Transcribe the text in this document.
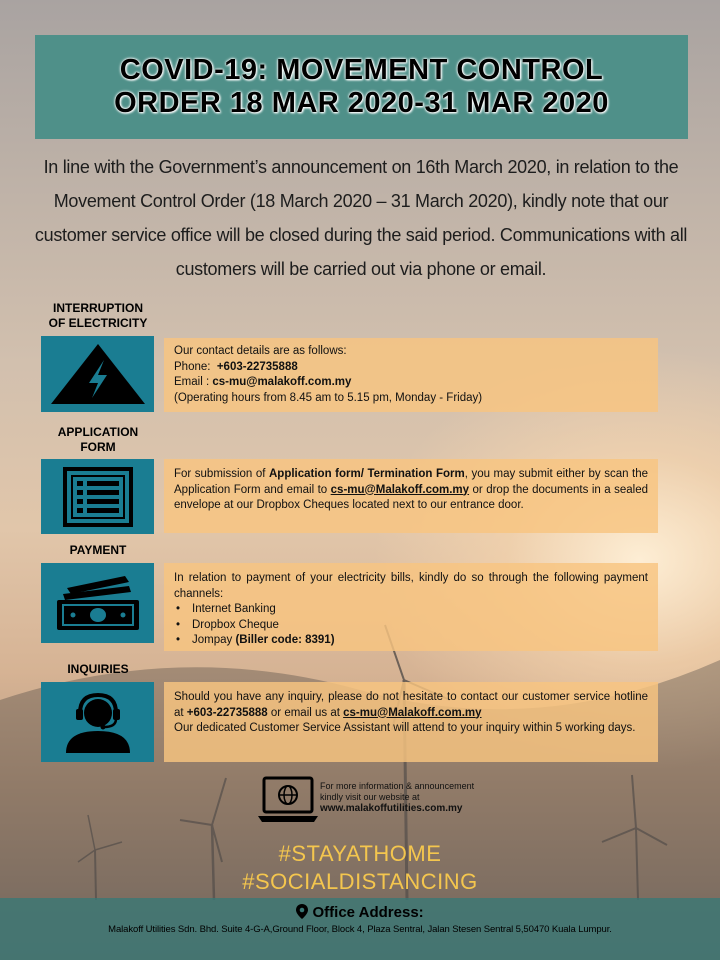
COVID-19: MOVEMENT CONTROL
ORDER 18 MAR 2020-31 MAR 2020
In line with the Government’s announcement on 16th March 2020, in relation to the Movement Control Order (18 March 2020 – 31 March 2020), kindly note that our customer service office will be closed during the said period. Communications with all customers will be carried out via phone or email.
INTERRUPTION
OF ELECTRICITY
Our contact details are as follows:
Phone: +603-22735888
Email : cs-mu@malakoff.com.my
(Operating hours from 8.45 am to 5.15 pm, Monday - Friday)
APPLICATION
FORM
For submission of Application form/ Termination Form, you may submit either by scan the Application Form and email to cs-mu@Malakoff.com.my or drop the documents in a sealed envelope at our Dropbox Cheques located next to our entrance door.
PAYMENT
In relation to payment of your electricity bills, kindly do so through the following payment channels:
• Internet Banking
• Dropbox Cheque
• Jompay (Biller code: 8391)
INQUIRIES
Should you have any inquiry, please do not hesitate to contact our customer service hotline at +603-22735888 or email us at cs-mu@Malakoff.com.my
Our dedicated Customer Service Assistant will attend to your inquiry within 5 working days.
For more information & announcement
kindly visit our website at
www.malakoffutilities.com.my
#STAYATHOME
#SOCIALDISTANCING
Office Address:
Malakoff Utilities Sdn. Bhd. Suite 4-G-A,Ground Floor, Block 4, Plaza Sentral, Jalan Stesen Sentral 5,50470 Kuala Lumpur.
